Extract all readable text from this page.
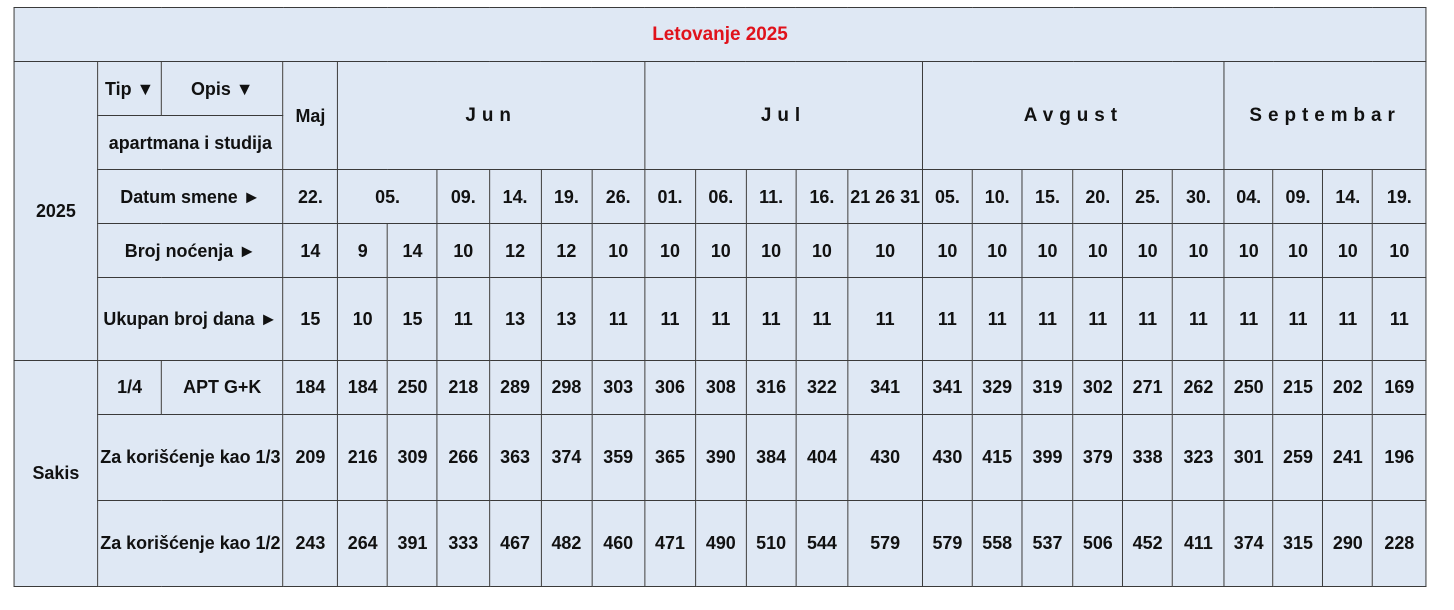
Letovanje 2025																								
2025	Tip ▼	Opis ▼	Maj	Jun						Jul					Avgust						Septembar			
	apartmana i studija																							
	Datum smene ►		22.	05.		09.	14.	19.	26.	01.	06.	11.	16.	21 26 31	05.	10.	15.	20.	25.	30.	04.	09.	14.	19.
	Broj noćenja ►		14	9	14	10	12	12	10	10	10	10	10	10	10	10	10	10	10	10	10	10	10	10
	Ukupan broj dana ►		15	10	15	11	13	13	11	11	11	11	11	11	11	11	11	11	11	11	11	11	11	11
Sakis	1/4	APT G+K	184	184	250	218	289	298	303	306	308	316	322	341	341	329	319	302	271	262	250	215	202	169
	Za korišćenje kao 1/3		209	216	309	266	363	374	359	365	390	384	404	430	430	415	399	379	338	323	301	259	241	196
	Za korišćenje kao 1/2		243	264	391	333	467	482	460	471	490	510	544	579	579	558	537	506	452	411	374	315	290	228
